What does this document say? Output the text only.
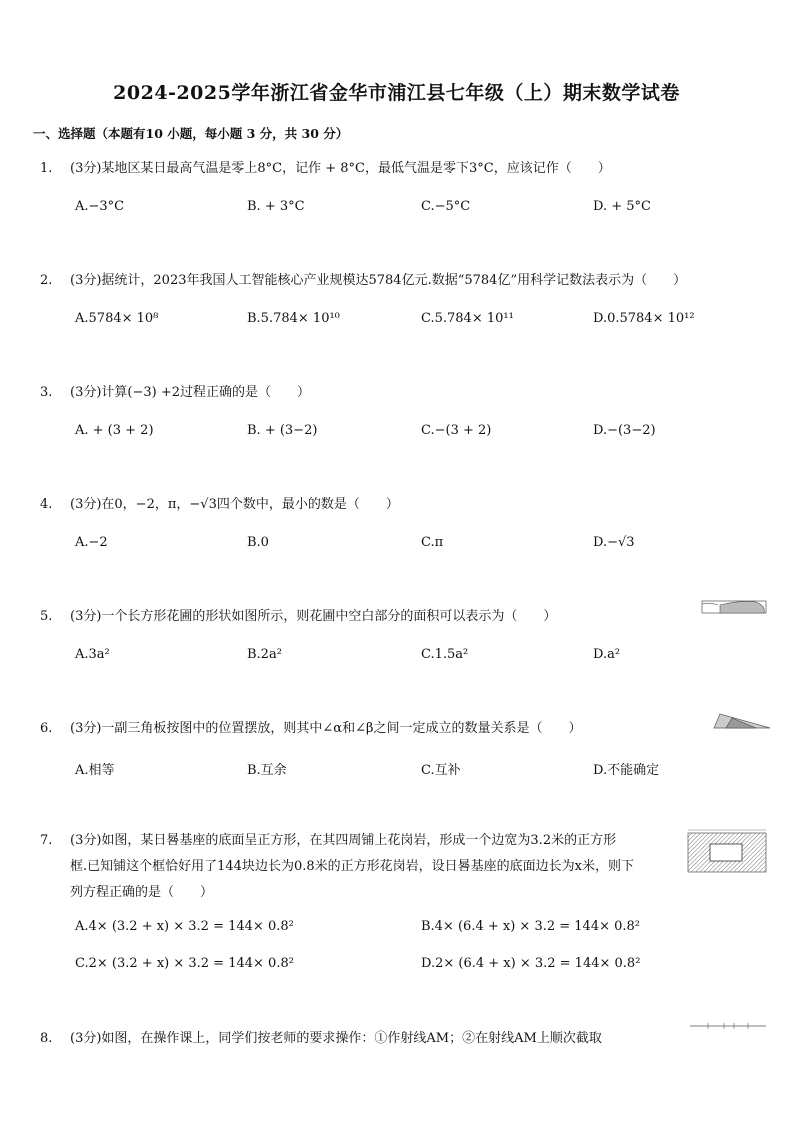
2024-2025学年浙江省金华市浦江县七年级（上）期末数学试卷
一、选择题（本题有10 小题，每小题 3 分，共 30 分）
1.	(3分)某地区某日最高气温是零上8°C，记作 + 8°C，最低气温是零下3°C，应该记作（　　）
A.−3°C	B. + 3°C	C.−5°C	D. + 5°C
2.	(3分)据统计，2023年我国人工智能核心产业规模达5784亿元.数据“5784亿”用科学记数法表示为（　　）
A.5784× 10⁸	B.5.784× 10¹⁰	C.5.784× 10¹¹	D.0.5784× 10¹²
3.	(3分)计算(−3) +2过程正确的是（　　）
A. + (3 + 2)	B. + (3−2)	C.−(3 + 2)	D.−(3−2)
4.	(3分)在0，−2，π，−√3四个数中，最小的数是（　　）
A.−2	B.0	C.π	D.−√3
5.	(3分)一个长方形花圃的形状如图所示，则花圃中空白部分的面积可以表示为（　　）
A.3a²	B.2a²	C.1.5a²	D.a²
6.	(3分)一副三角板按图中的位置摆放，则其中∠α和∠β之间一定成立的数量关系是（　　）
A.相等	B.互余	C.互补	D.不能确定
7.	(3分)如图，某日晷基座的底面呈正方形，在其四周铺上花岗岩，形成一个边宽为3.2米的正方形
框.已知铺这个框恰好用了144块边长为0.8米的正方形花岗岩，设日晷基座的底面边长为x米，则下
列方程正确的是（　　）
A.4× (3.2 + x) × 3.2 = 144× 0.8²	B.4× (6.4 + x) × 3.2 = 144× 0.8²
C.2× (3.2 + x) × 3.2 = 144× 0.8²	D.2× (6.4 + x) × 3.2 = 144× 0.8²
8.	(3分)如图，在操作课上，同学们按老师的要求操作：①作射线AM；②在射线AM上顺次截取
